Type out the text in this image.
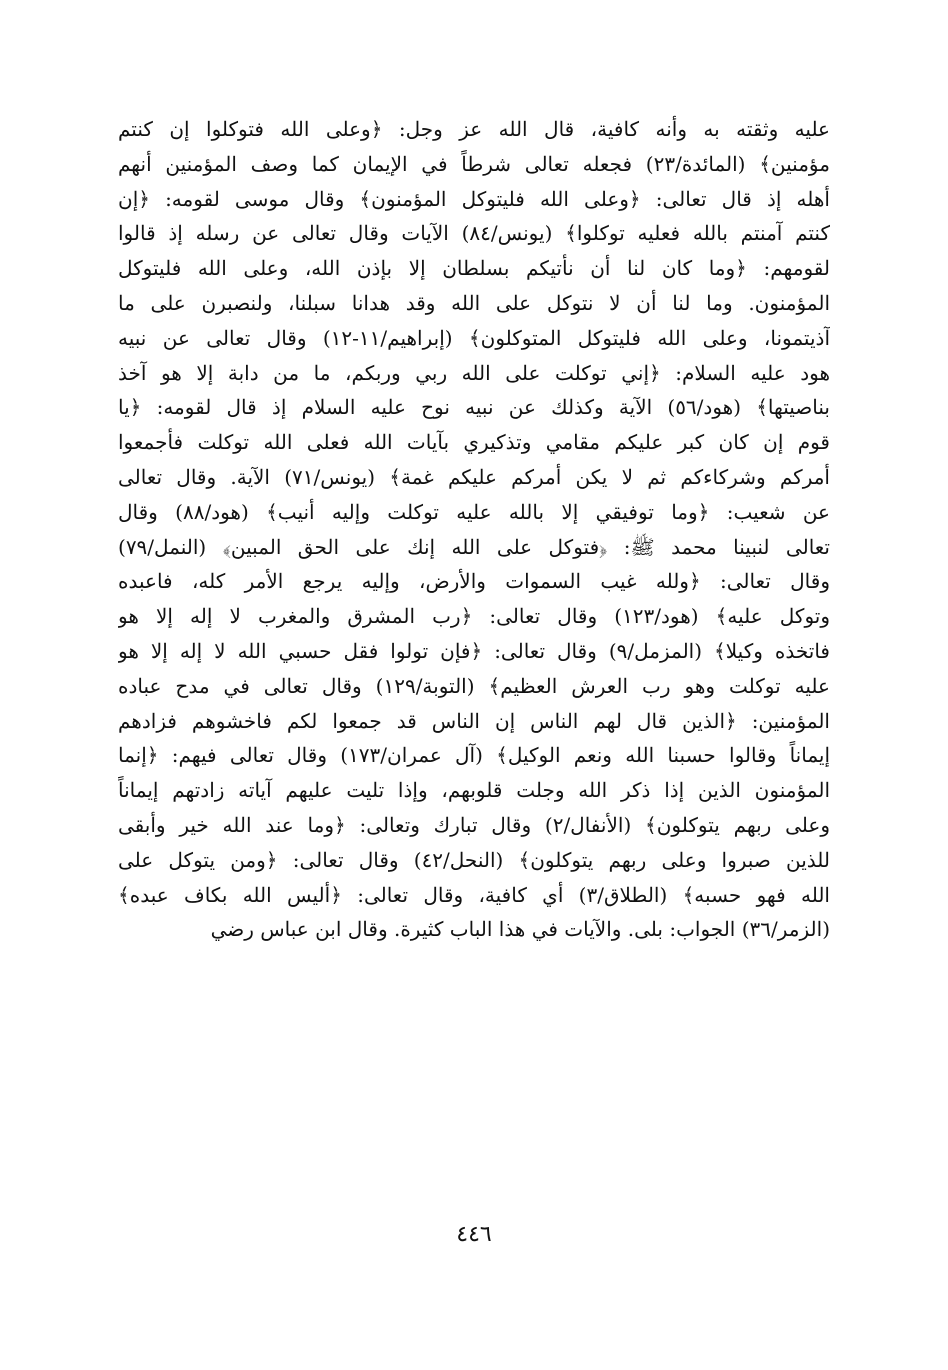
عليه وثقته به وأنه كافية، قال الله عز وجل: ﴿وعلى الله فتوكلوا إن كنتم
مؤمنين﴾ (المائدة/٢٣) فجعله تعالى شرطاً في الإيمان كما وصف المؤمنين أنهم
أهله إذ قال تعالى: ﴿وعلى الله فليتوكل المؤمنون﴾ وقال موسى لقومه: ﴿إن
كنتم آمنتم بالله فعليه توكلوا﴾ (يونس/٨٤) الآيات وقال تعالى عن رسله إذ قالوا
لقومهم: ﴿وما كان لنا أن نأتيكم بسلطان إلا بإذن الله، وعلى الله فليتوكل
المؤمنون. وما لنا أن لا نتوكل على الله وقد هدانا سبلنا، ولنصبرن على ما
آذيتمونا، وعلى الله فليتوكل المتوكلون﴾ (إبراهيم/١١-١٢) وقال تعالى عن نبيه
هود عليه السلام: ﴿إني توكلت على الله ربي وربكم، ما من دابة إلا هو آخذ
بناصيتها﴾ (هود/٥٦) الآية وكذلك عن نبيه نوح عليه السلام إذ قال لقومه: ﴿يا
قوم إن كان كبر عليكم مقامي وتذكيري بآيات الله فعلى الله توكلت فأجمعوا
أمركم وشركاءكم ثم لا يكن أمركم عليكم غمة﴾ (يونس/٧١) الآية. وقال تعالى
عن شعيب: ﴿وما توفيقي إلا بالله عليه توكلت وإليه أنيب﴾ (هود/٨٨) وقال
تعالى لنبينا محمد ﷺ: ﴿فتوكل على الله إنك على الحق المبين﴾ (النمل/٧٩)
وقال تعالى: ﴿ولله غيب السموات والأرض، وإليه يرجع الأمر كله، فاعبده
وتوكل عليه﴾ (هود/١٢٣) وقال تعالى: ﴿رب المشرق والمغرب لا إله إلا هو
فاتخذه وكيلا﴾ (المزمل/٩) وقال تعالى: ﴿فإن تولوا فقل حسبي الله لا إله إلا هو
عليه توكلت وهو رب العرش العظيم﴾ (التوبة/١٢٩) وقال تعالى في مدح عباده
المؤمنين: ﴿الذين قال لهم الناس إن الناس قد جمعوا لكم فاخشوهم فزادهم
إيماناً وقالوا حسبنا الله ونعم الوكيل﴾ (آل عمران/١٧٣) وقال تعالى فيهم: ﴿إنما
المؤمنون الذين إذا ذكر الله وجلت قلوبهم، وإذا تليت عليهم آياته زادتهم إيماناً
وعلى ربهم يتوكلون﴾ (الأنفال/٢) وقال تبارك وتعالى: ﴿وما عند الله خير وأبقى
للذين صبروا وعلى ربهم يتوكلون﴾ (النحل/٤٢) وقال تعالى: ﴿ومن يتوكل على
الله فهو حسبه﴾ (الطلاق/٣) أي كافية، وقال تعالى: ﴿أليس الله بكاف عبده﴾
(الزمر/٣٦) الجواب: بلى. والآيات في هذا الباب كثيرة. وقال ابن عباس رضي
٤٤٦
